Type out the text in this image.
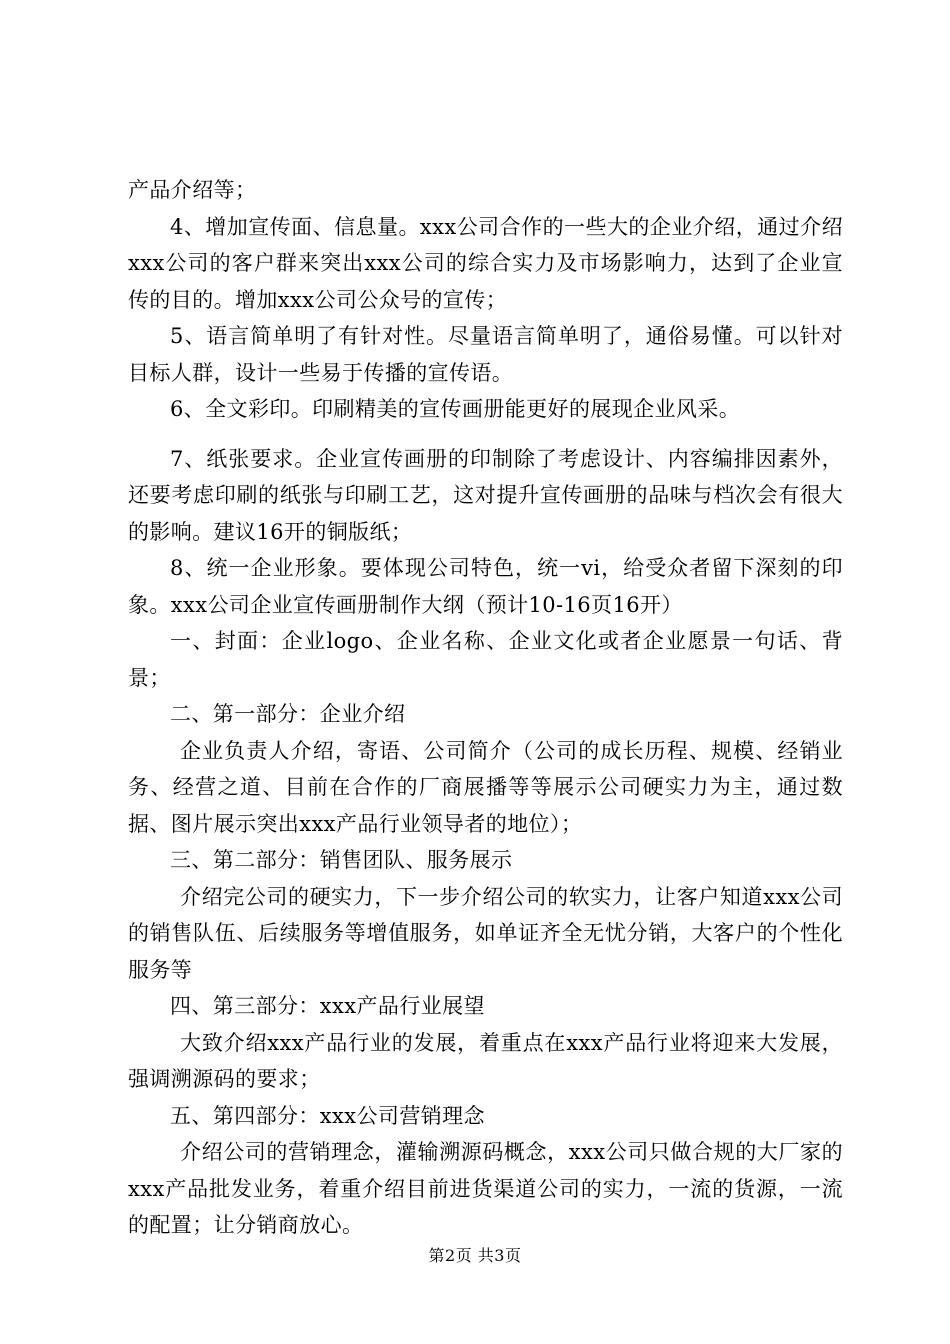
产品介绍等；

4、增加宣传面、信息量。xxx公司合作的一些大的企业介绍，通过介绍xxx公司的客户群来突出xxx公司的综合实力及市场影响力，达到了企业宣传的目的。增加xxx公司公众号的宣传；

5、语言简单明了有针对性。尽量语言简单明了，通俗易懂。可以针对目标人群，设计一些易于传播的宣传语。

6、全文彩印。印刷精美的宣传画册能更好的展现企业风采。

7、纸张要求。企业宣传画册的印制除了考虑设计、内容编排因素外，还要考虑印刷的纸张与印刷工艺，这对提升宣传画册的品味与档次会有很大的影响。建议16开的铜版纸；

8、统一企业形象。要体现公司特色，统一vi，给受众者留下深刻的印象。xxx公司企业宣传画册制作大纲（预计10-16页16开）

一、封面：企业logo、企业名称、企业文化或者企业愿景一句话、背景；

二、第一部分：企业介绍

企业负责人介绍，寄语、公司简介（公司的成长历程、规模、经销业务、经营之道、目前在合作的厂商展播等等展示公司硬实力为主，通过数据、图片展示突出xxx产品行业领导者的地位）；

三、第二部分：销售团队、服务展示

介绍完公司的硬实力，下一步介绍公司的软实力，让客户知道xxx公司的销售队伍、后续服务等增值服务，如单证齐全无忧分销，大客户的个性化服务等

四、第三部分：xxx产品行业展望

大致介绍xxx产品行业的发展，着重点在xxx产品行业将迎来大发展，强调溯源码的要求；

五、第四部分：xxx公司营销理念

介绍公司的营销理念，灌输溯源码概念，xxx公司只做合规的大厂家的xxx产品批发业务，着重介绍目前进货渠道公司的实力，一流的货源，一流的配置；让分销商放心。

第2页 共3页
